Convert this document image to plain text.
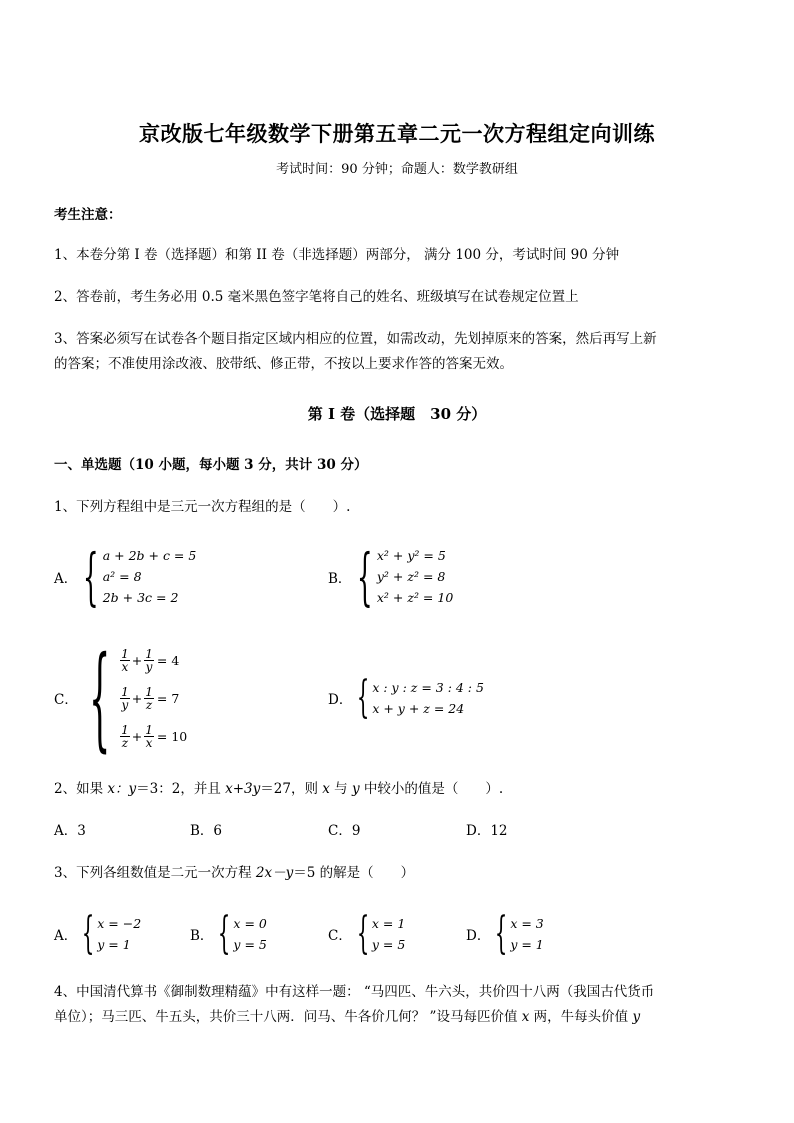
京改版七年级数学下册第五章二元一次方程组定向训练
考试时间：90 分钟；命题人：数学教研组
考生注意：
1、本卷分第 I 卷（选择题）和第 II 卷（非选择题）两部分， 满分 100 分，考试时间 90 分钟
2、答卷前，考生务必用 0.5 毫米黑色签字笔将自己的姓名、班级填写在试卷规定位置上
3、答案必须写在试卷各个题目指定区域内相应的位置，如需改动，先划掉原来的答案，然后再写上新
的答案；不准使用涂改液、胶带纸、修正带，不按以上要求作答的答案无效。
第 I 卷（选择题　30 分）
一、单选题（10 小题，每小题 3 分，共计 30 分）
1、下列方程组中是三元一次方程组的是（　　）.
A． { a + 2b + c = 5
a² = 8
2b + 3c = 2
B． { x² + y² = 5
y² + z² = 8
x² + z² = 10
C． { $\frac{1}{x} + \frac{1}{y} = 4$
$\frac{1}{y} + \frac{1}{z} = 7$
$\frac{1}{z} + \frac{1}{x} = 10$
D． { x : y : z = 3 : 4 : 5
x + y + z = 24
2、如果 x：y＝3：2，并且 x+3y＝27，则 x 与 y 中较小的值是（　　）.
A．3	B．6	C．9	D．12
3、下列各组数值是二元一次方程 2x－y＝5 的解是（　　）
A． { x = −2
y = 1
B． { x = 0
y = 5
C． { x = 1
y = 5
D． { x = 3
y = 1
4、中国清代算书《御制数理精蕴》中有这样一题： “马四匹、牛六头，共价四十八两（我国古代货币
单位）；马三匹、牛五头，共价三十八两．问马、牛各价几何？ ”设马每匹价值 x 两，牛每头价值 y
